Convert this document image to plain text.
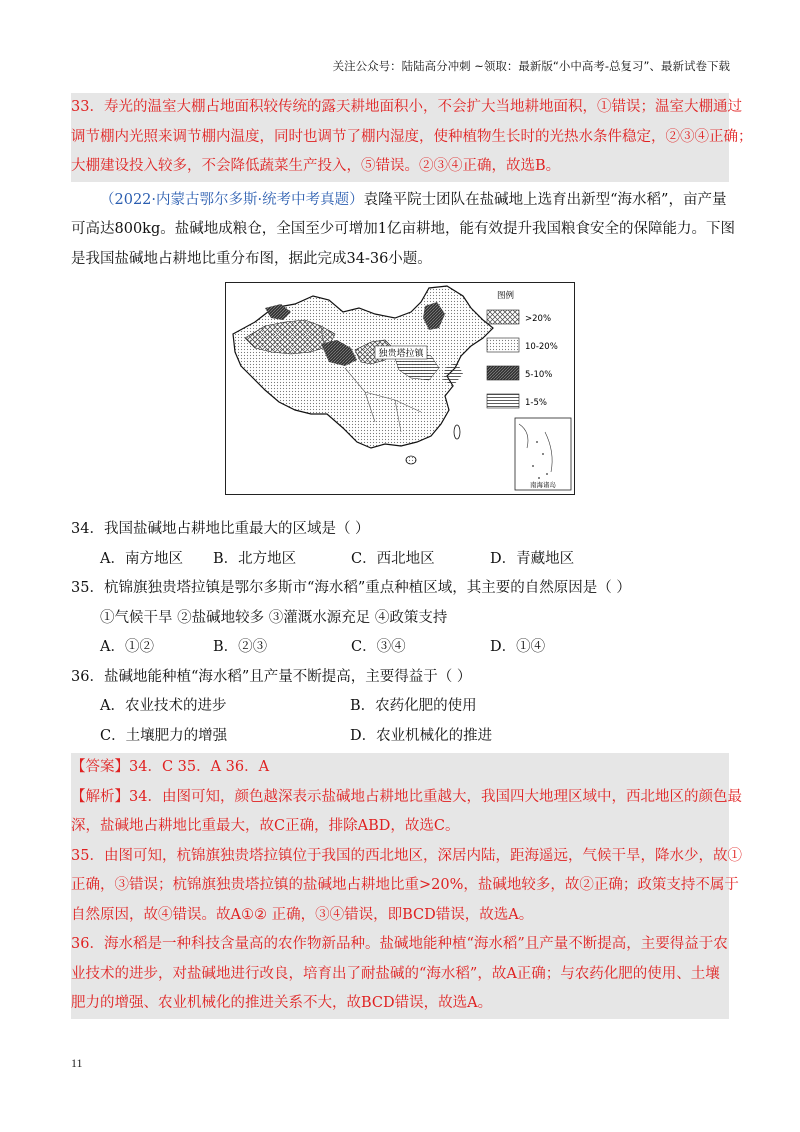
关注公众号：陆陆高分冲刺 ~领取：最新版“小中高考-总复习”、最新试卷下载
33．寿光的温室大棚占地面积较传统的露天耕地面积小，不会扩大当地耕地面积，①错误；温室大棚通过
调节棚内光照来调节棚内温度，同时也调节了棚内湿度，使种植物生长时的光热水条件稳定，②③④正确；
大棚建设投入较多，不会降低蔬菜生产投入，⑤错误。②③④正确，故选B。
（2022·内蒙古鄂尔多斯·统考中考真题）袁隆平院士团队在盐碱地上选育出新型“海水稻”，亩产量
可高达800kg。盐碱地成粮仓，全国至少可增加1亿亩耕地，能有效提升我国粮食安全的保障能力。下图
是我国盐碱地占耕地比重分布图，据此完成34-36小题。
独贵塔拉镇
图例
>20%
10-20%
5-10%
1-5%
南海诸岛
34．我国盐碱地占耕地比重最大的区域是（ ）
A．南方地区	B．北方地区	C．西北地区	D．青藏地区
35．杭锦旗独贵塔拉镇是鄂尔多斯市“海水稻”重点种植区域，其主要的自然原因是（ ）
①气候干旱 ②盐碱地较多 ③灌溉水源充足 ④政策支持
A．①②	B．②③	C．③④	D．①④
36．盐碱地能种植“海水稻”且产量不断提高，主要得益于（ ）
A．农业技术的进步	B．农药化肥的使用
C．土壤肥力的增强	D．农业机械化的推进
【答案】34．C 35．A 36．A
【解析】34．由图可知，颜色越深表示盐碱地占耕地比重越大，我国四大地理区域中，西北地区的颜色最
深，盐碱地占耕地比重最大，故C正确，排除ABD，故选C。
35．由图可知，杭锦旗独贵塔拉镇位于我国的西北地区，深居内陆，距海遥远，气候干旱，降水少，故①
正确，③错误；杭锦旗独贵塔拉镇的盐碱地占耕地比重>20%，盐碱地较多，故②正确；政策支持不属于
自然原因，故④错误。故A①② 正确，③④错误，即BCD错误，故选A。
36．海水稻是一种科技含量高的农作物新品种。盐碱地能种植“海水稻”且产量不断提高，主要得益于农
业技术的进步，对盐碱地进行改良，培育出了耐盐碱的“海水稻”，故A正确；与农药化肥的使用、土壤
肥力的增强、农业机械化的推进关系不大，故BCD错误，故选A。
11
